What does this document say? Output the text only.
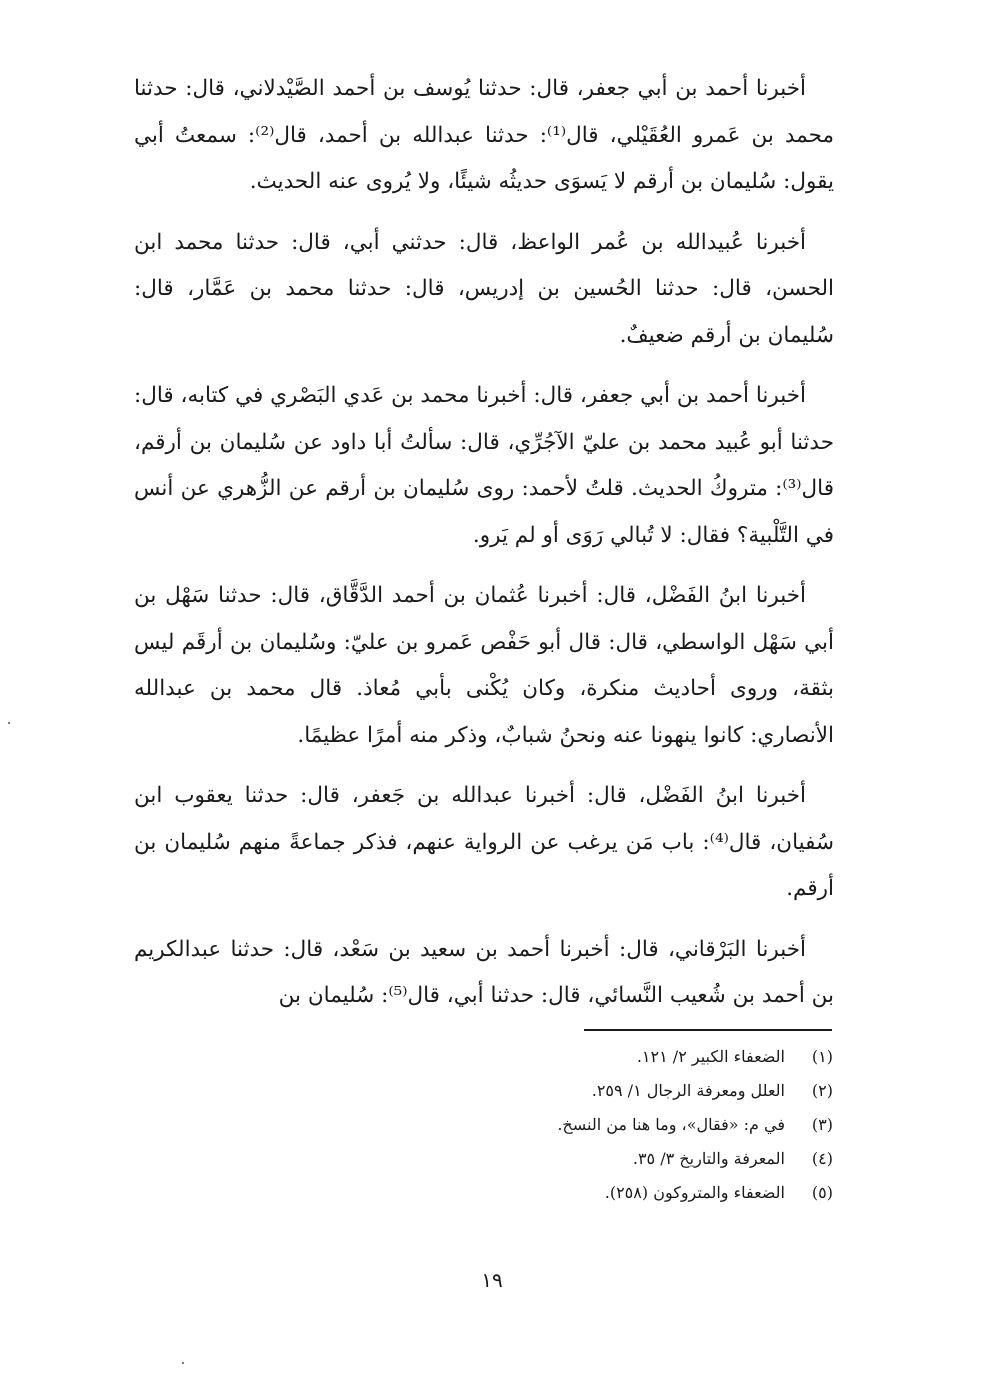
أخبرنا أحمد بن أبي جعفر، قال: حدثنا يُوسف بن أحمد الصَّيْدلاني، قال: حدثنا محمد بن عَمرو العُقَيْلي، قال⁽¹⁾: حدثنا عبدالله بن أحمد، قال⁽²⁾: سمعتُ أبي يقول: سُليمان بن أرقم لا يَسوَى حديثُه شيئًا، ولا يُروى عنه الحديث.

أخبرنا عُبيدالله بن عُمر الواعظ، قال: حدثني أبي، قال: حدثنا محمد ابن الحسن، قال: حدثنا الحُسين بن إدريس، قال: حدثنا محمد بن عَمَّار، قال: سُليمان بن أرقم ضعيفٌ.

أخبرنا أحمد بن أبي جعفر، قال: أخبرنا محمد بن عَدي البَصْري في كتابه، قال: حدثنا أبو عُبيد محمد بن عليّ الآجُرِّي، قال: سألتُ أبا داود عن سُليمان بن أرقم، قال⁽³⁾: متروكُ الحديث. قلتُ لأحمد: روى سُليمان بن أرقم عن الزُّهري عن أنس في التَّلْبية؟ فقال: لا تُبالي رَوَى أو لم يَرو.

أخبرنا ابنُ الفَضْل، قال: أخبرنا عُثمان بن أحمد الدَّقَّاق، قال: حدثنا سَهْل بن أبي سَهْل الواسطي، قال: قال أبو حَفْص عَمرو بن عليّ: وسُليمان بن أرقَم ليس بثقة، وروى أحاديث منكرة، وكان يُكْنى بأبي مُعاذ. قال محمد بن عبدالله الأنصاري: كانوا ينهونا عنه ونحنُ شبابٌ، وذكر منه أمرًا عظيمًا.

أخبرنا ابنُ الفَضْل، قال: أخبرنا عبدالله بن جَعفر، قال: حدثنا يعقوب ابن سُفيان، قال⁽⁴⁾: باب مَن يرغب عن الرواية عنهم، فذكر جماعةً منهم سُليمان بن أرقم.

أخبرنا البَرْقاني، قال: أخبرنا أحمد بن سعيد بن سَعْد، قال: حدثنا عبدالكريم بن أحمد بن شُعيب النَّسائي، قال: حدثنا أبي، قال⁽⁵⁾: سُليمان بن

(١)الضعفاء الكبير ٢/ ١٢١.
(٢)العلل ومعرفة الرجال ١/ ٢٥٩.
(٣)في م: «فقال»، وما هنا من النسخ.
(٤)المعرفة والتاريخ ٣/ ٣٥.
(٥)الضعفاء والمتروكون (٢٥٨).
١٩
